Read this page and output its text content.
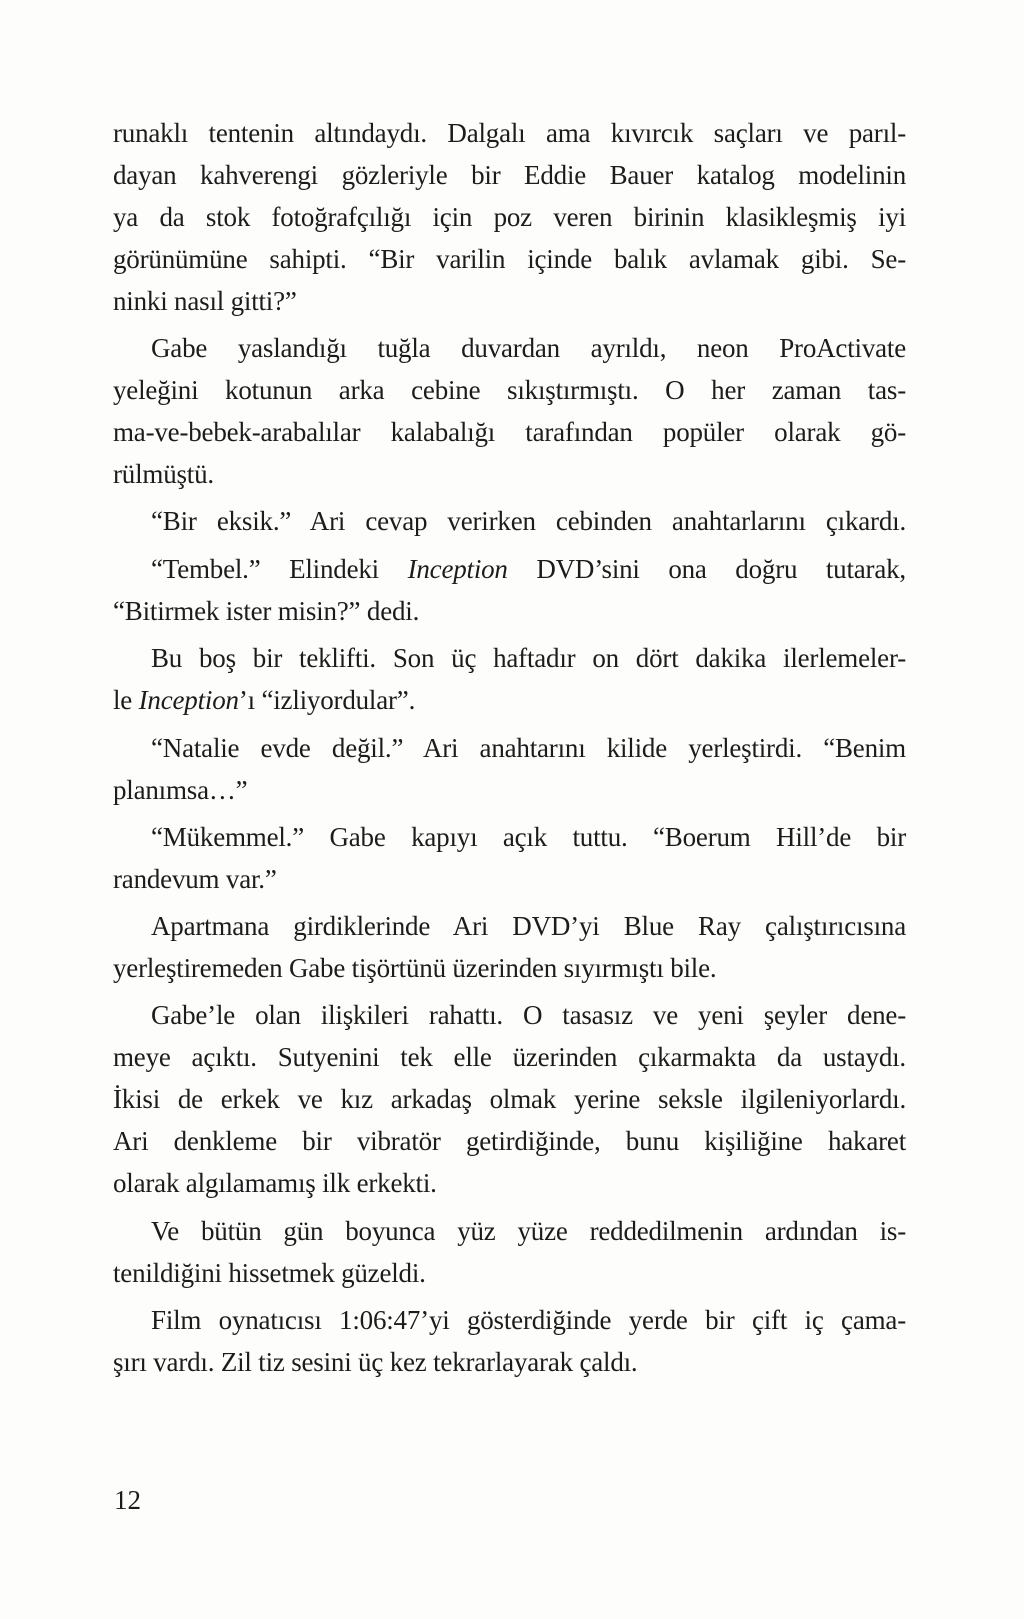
runaklı tentenin altındaydı. Dalgalı ama kıvırcık saçları ve parıl-
dayan kahverengi gözleriyle bir Eddie Bauer katalog modelinin
ya da stok fotoğrafçılığı için poz veren birinin klasikleşmiş iyi
görünümüne sahipti. “Bir varilin içinde balık avlamak gibi. Se-
ninki nasıl gitti?”
Gabe yaslandığı tuğla duvardan ayrıldı, neon ProActivate
yeleğini kotunun arka cebine sıkıştırmıştı. O her zaman tas-
ma-ve-bebek-arabalılar kalabalığı tarafından popüler olarak gö-
rülmüştü.
“Bir eksik.” Ari cevap verirken cebinden anahtarlarını çıkardı.
“Tembel.” Elindeki Inception DVD’sini ona doğru tutarak,
“Bitirmek ister misin?” dedi.
Bu boş bir teklifti. Son üç haftadır on dört dakika ilerlemeler-
le Inception’ı “izliyordular”.
“Natalie evde değil.” Ari anahtarını kilide yerleştirdi. “Benim
planımsa…”
“Mükemmel.” Gabe kapıyı açık tuttu. “Boerum Hill’de bir
randevum var.”
Apartmana girdiklerinde Ari DVD’yi Blue Ray çalıştırıcısına
yerleştiremeden Gabe tişörtünü üzerinden sıyırmıştı bile.
Gabe’le olan ilişkileri rahattı. O tasasız ve yeni şeyler dene-
meye açıktı. Sutyenini tek elle üzerinden çıkarmakta da ustaydı.
İkisi de erkek ve kız arkadaş olmak yerine seksle ilgileniyorlardı.
Ari denkleme bir vibratör getirdiğinde, bunu kişiliğine hakaret
olarak algılamamış ilk erkekti.
Ve bütün gün boyunca yüz yüze reddedilmenin ardından is-
tenildiğini hissetmek güzeldi.
Film oynatıcısı 1:06:47’yi gösterdiğinde yerde bir çift iç çama-
şırı vardı. Zil tiz sesini üç kez tekrarlayarak çaldı.
12
